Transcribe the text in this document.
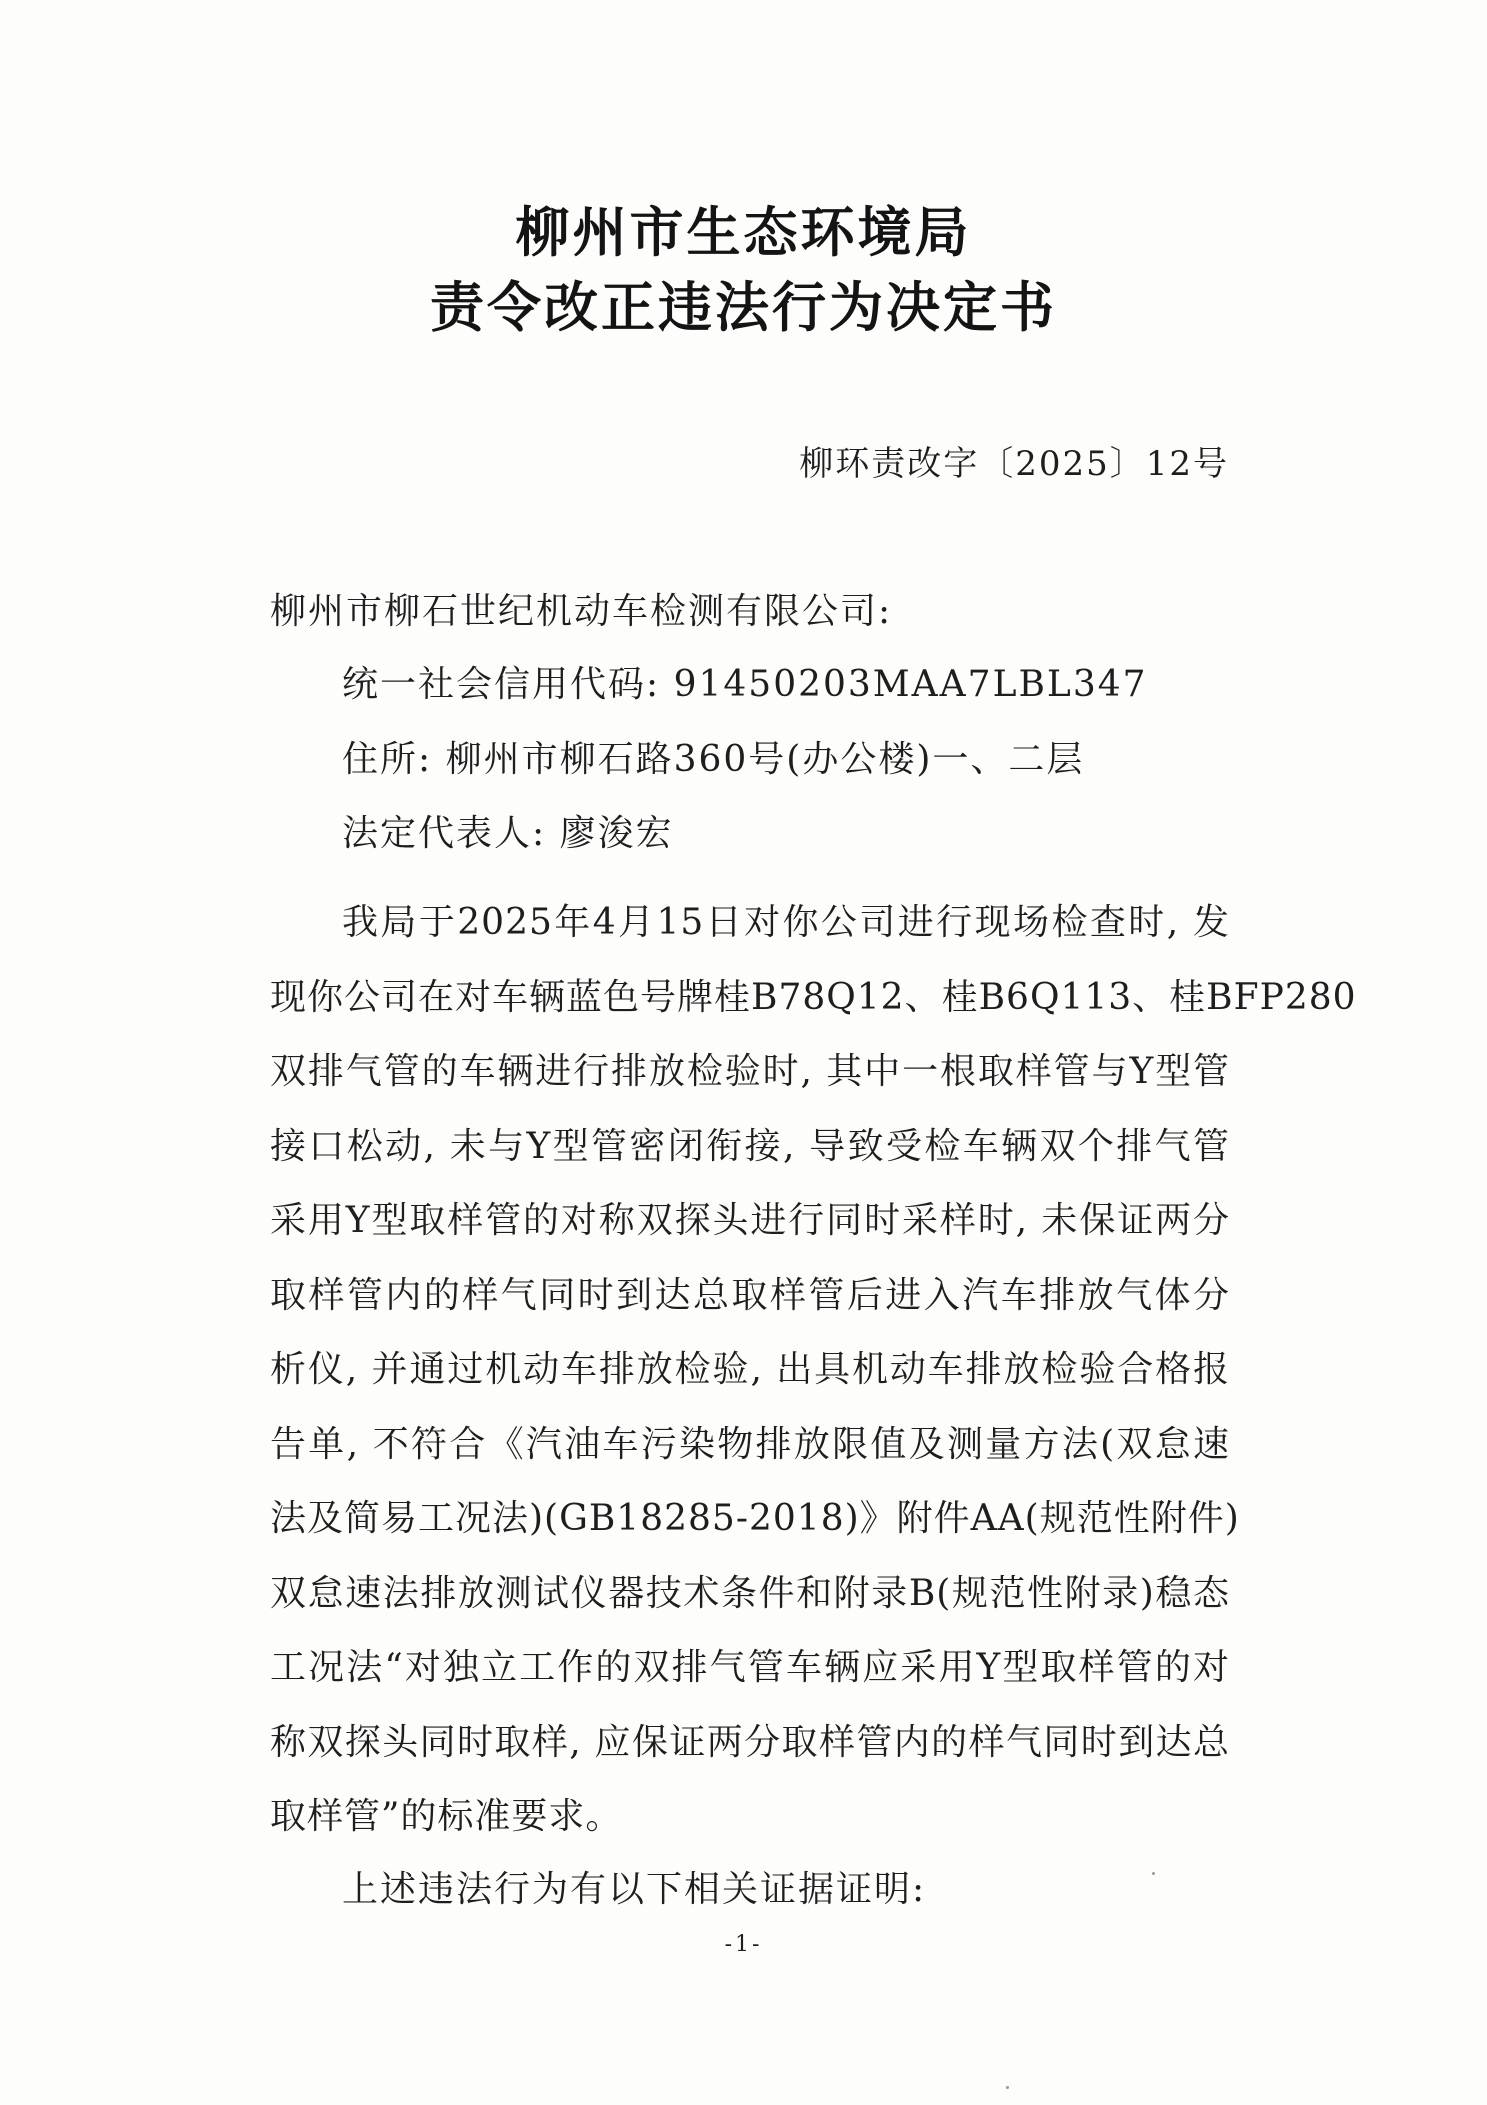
柳州市生态环境局
责令改正违法行为决定书
柳环责改字〔2025〕12号
柳州市柳石世纪机动车检测有限公司:
统一社会信用代码: 91450203MAA7LBL347
住所: 柳州市柳石路360号(办公楼)一、二层
法定代表人: 廖浚宏
我局于2025年4月15日对你公司进行现场检查时, 发
现你公司在对车辆蓝色号牌桂B78Q12、桂B6Q113、桂BFP280
双排气管的车辆进行排放检验时, 其中一根取样管与Y型管
接口松动, 未与Y型管密闭衔接, 导致受检车辆双个排气管
采用Y型取样管的对称双探头进行同时采样时, 未保证两分
取样管内的样气同时到达总取样管后进入汽车排放气体分
析仪, 并通过机动车排放检验, 出具机动车排放检验合格报
告单, 不符合《汽油车污染物排放限值及测量方法(双怠速
法及简易工况法)(GB18285-2018)》附件AA(规范性附件)
双怠速法排放测试仪器技术条件和附录B(规范性附录)稳态
工况法“对独立工作的双排气管车辆应采用Y型取样管的对
称双探头同时取样, 应保证两分取样管内的样气同时到达总
取样管”的标准要求。
上述违法行为有以下相关证据证明:
-1-
